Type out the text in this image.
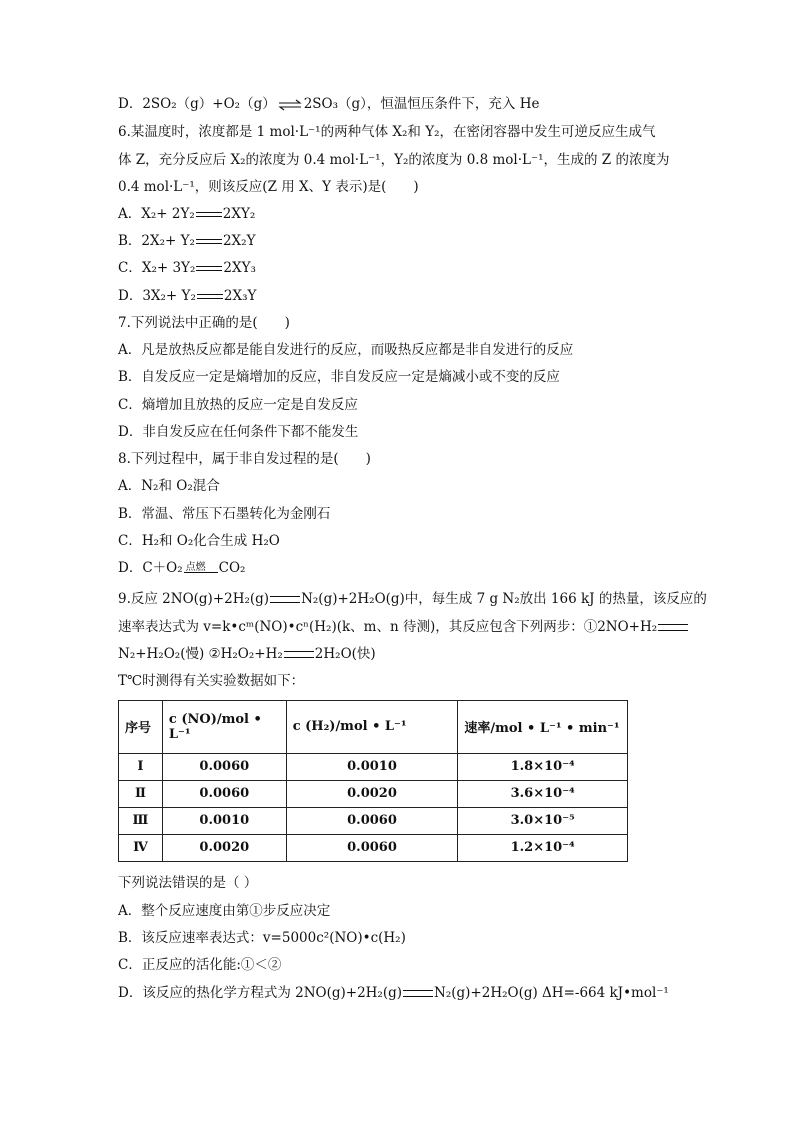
D．2SO₂（g）+O₂（g） ⇌ 2SO₃（g），恒温恒压条件下，充入 He
6.某温度时，浓度都是 1 mol·L⁻¹的两种气体 X₂和 Y₂，在密闭容器中发生可逆反应生成气
体 Z，充分反应后 X₂的浓度为 0.4 mol·L⁻¹，Y₂的浓度为 0.8 mol·L⁻¹，生成的 Z 的浓度为
0.4 mol·L⁻¹，则该反应(Z 用 X、Y 表示)是(　　)
A．X₂+ 2Y₂ 2XY₂
B．2X₂+ Y₂ 2X₂Y
C．X₂+ 3Y₂ 2XY₃
D．3X₂+ Y₂ 2X₃Y
7.下列说法中正确的是(　　)
A．凡是放热反应都是能自发进行的反应，而吸热反应都是非自发进行的反应
B．自发反应一定是熵增加的反应，非自发反应一定是熵减小或不变的反应
C．熵增加且放热的反应一定是自发反应
D．非自发反应在任何条件下都不能发生
8.下列过程中，属于非自发过程的是(　　)
A．N₂和 O₂混合
B．常温、常压下石墨转化为金刚石
C．H₂和 O₂化合生成 H₂O
D．C＋O₂ 点燃 CO₂
9.反应 2NO(g)+2H₂(g) N₂(g)+2H₂O(g)中，每生成 7 g N₂放出 166 kJ 的热量，该反应的
速率表达式为 v=k•cᵐ(NO)•cⁿ(H₂)(k、m、n 待测)，其反应包含下列两步：①2NO+H₂
N₂+H₂O₂(慢) ②H₂O₂+H₂ 2H₂O(快)
T℃时测得有关实验数据如下：
序号	c (NO)/mol • L⁻¹	c (H₂)/mol • L⁻¹	速率/mol • L⁻¹ • min⁻¹
Ⅰ	0.0060	0.0010	1.8×10⁻⁴
Ⅱ	0.0060	0.0020	3.6×10⁻⁴
Ⅲ	0.0010	0.0060	3.0×10⁻⁵
Ⅳ	0.0020	0.0060	1.2×10⁻⁴
下列说法错误的是（ ）
A．整个反应速度由第①步反应决定
B．该反应速率表达式：v=5000c²(NO)•c(H₂)
C．正反应的活化能:①＜②
D．该反应的热化学方程式为 2NO(g)+2H₂(g) N₂(g)+2H₂O(g) ΔH=-664 kJ•mol⁻¹
